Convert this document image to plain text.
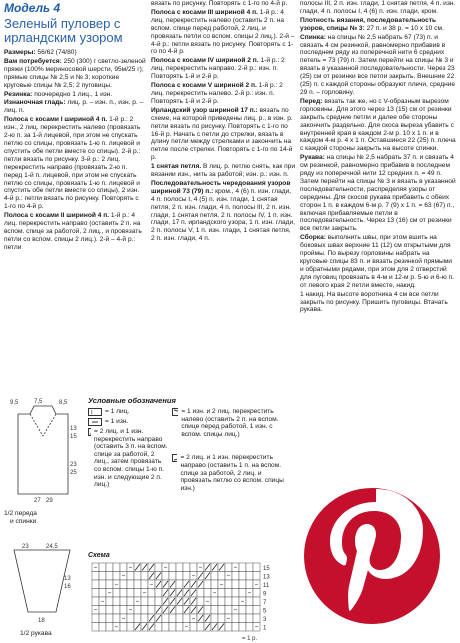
Модель 4
Зеленый пуловер с ирландским узором

Размеры: 56/62 (74/80)

Вам потребуется: 250 (300) г светло-зеленой пряжи (100% мериносовой шерсти, 95м/25 г); прямые спицы № 2,5 и № 3; короткие круговые спицы № 2,5; 2 пуговицы.

Резинка: поочередно 1 лиц., 1 изн.

Изнаночная гладь: лиц. р. – изн. п., изн. р. – лиц. п.

Полоса с косами I шириной 4 п. 1-й р.: 2 изн., 2 лиц. перекрестить налево (провязать 2-ю п. за 1-й лицевой, при этом не спускать петлю со спицы, провязать 1-ю п. лицевой и спустить обе петли вместе со спицы). 2-й р.: петли вязать по рисунку. 3-й р.: 2 лиц. перекрестить направо (провязать 2-ю п. перед 1-й п. лицевой, при этом не спускать петлю со спицы, провязать 1-ю п. лицевой и спустить обе петли вместе со спицы), 2 изн. 4-й р.: петли вязать по рисунку. Повторять с 1-го по 4-й р.

Полоса с косами II шириной 4 п. 1-й р.: 4 лиц. перекрестить направо (оставить 2 п. на вспом. спице за работой, 2 лиц., и провязать петли со вспом. спицы 2 лиц.). 2-й – 4-й р.: петли

вязать по рисунку. Повторять с 1-го по 4-й р.

Полоса с косами III шириной 4 п. 1-й р.: 4 лиц. перекрестить налево (оставить 2 п. на вспом. спице перед работой, 2 лиц. и провязать петли со вспом. спицы 2 лиц.). 2-й – 4-й р.: петли вязать по рисунку. Повторять с 1-го по 4-й р.

Полоса с косами IV шириной 2 п. 1-й р.: 2 лиц. перекрестить направо. 2-й р.: изн. п. Повторять 1-й и 2-й р.

Полоса с косами V шириной 2 п. 1-й р.: 2 лиц. перекрестить налево. 2-й р.: изн. п. Повторять 1-й и 2-й р.

Ирландский узор шириной 17 п.: вязать по схеме, на которой приведены лиц. р., в изн. р. петли вязать по рисунку. Повторять с 1-го по 16-й р. Начать с петли до стрелки, вязать в длину петли между стрелками и закончить на петле после стрелки. Повторять с 1-го по 14-й р.

1 снятая петля. В лиц. р. петлю снять, как при вязании изн., нить за работой; изн. р.: изн. п.

Последовательность чередования узоров шириной 73 (79) п.: кром., 4 (6) п. изн. глади, 4 п. полосы I, 4 (5) п. изн. глади, 1 снятая петля, 2 п. изн. глади, 4 п. полосы III, 2 п. изн. глади, 1 снятая петля, 2 п. полосы IV, 1 п. изн. глади, 17 п. ирландского узора, 1 п. изн. глади, 2 п. полосы V, 1 п. изн. глади, 1 снятая петля, 2 п. изн. глади, 4 п.

полосы III, 2 п. изн. глади, 1 снятая петля, 4 п. изн. глади, 4 п. полосы I, 4 (6) п. изн. глади, кром.

Плотность вязания, последовательность узоров, спицы № 3: 27 п. и 38 р. = 10 х 10 см.

Спинка: на спицы № 2,5 набрать 67 (73) п. и связать 4 см резинкой, равномерно прибавив в последнем ряду из поперечной нити 6 средних петель = 73 (79) п. Затем перейти на спицы № 3 и вязать в указанной последовательности. Через 23 (25) см от резинки все петли закрыть. Внешние 22 (25) п. с каждой стороны образуют плечи, средние 29 п. – горловину.

Перед: вязать так же, но с V-образным вырезом горловины. Для этого через 13 (15) см от резинки закрыть средние петли и далее обе стороны закончить раздельно. Для скоса выреза убавить с внутренней края в каждом 2-м р. 10 х 1 п. и в каждом 4-м р. 4 х 1 п. Оставшиеся 22 (25) п. плеча с каждой стороны закрыть на высоте спинки.

Рукава: на спицы № 2,5 набрать 37 п. и связать 4 см резинкой, равномерно прибавив в последнем ряду из поперечной нити 12 средних п. = 49 п. Затем перейти на спицы № 3 и вязать в указанной последовательности, распределяя узоры от середины. Для скосов рукава прибавить с обеих сторон 1 п. в каждом 6-м р. 7 (9) х 1 п. = 63 (67) п., включая прибавляемые петли в последовательность. Через 13 (16) см от резинки все петли закрыть.

Сборка: выполнить швы, при этом вшить на боковых швах верхние 11 (12) см открытыми для проймы. По вырезу горловины набрать на круговые спицы 83 п. и вязать резинкой прямыми и обратными рядами, при этом для 2 отверстий для пуговиц провязать в 4-м и 12-м р. 5-ю и 6-ю п. от левого края 2 петли вместе, накид.

1 накид. На высоте воротника 4 см все петли закрыть по рисунку. Пришить пуговицы. Втачать рукава.

9,5	7,5	8,5
13
15
23
25
27 29
1/2 переда
и спинки
23	24,5
13
16
18
1/2 рукава
Условные обозначения
I = 1 лиц.
= 1 изн.
= 2 лиц. и 1 изн. перекрестить направо (оставить 3 п. на вспом. спице за работой, 2 лиц., затем провязать со вспом. спицы 1-ю п. изн. и следующие 2 п. лиц.)
= 1 изн. и 2 лиц. перекрестить налево (оставить 2 п. на вспом. спице перед работой, 1 изн. с вспом. спицы лиц.)
= 2 лиц. и 1 изн. перекрестить направо (оставить 1 п. на вспом. спице за работой, 2 лиц. и провязать петлю со вспом. спицы изн.)
Схема
15
13
11
9
7
5
3
1
= 1 р.
